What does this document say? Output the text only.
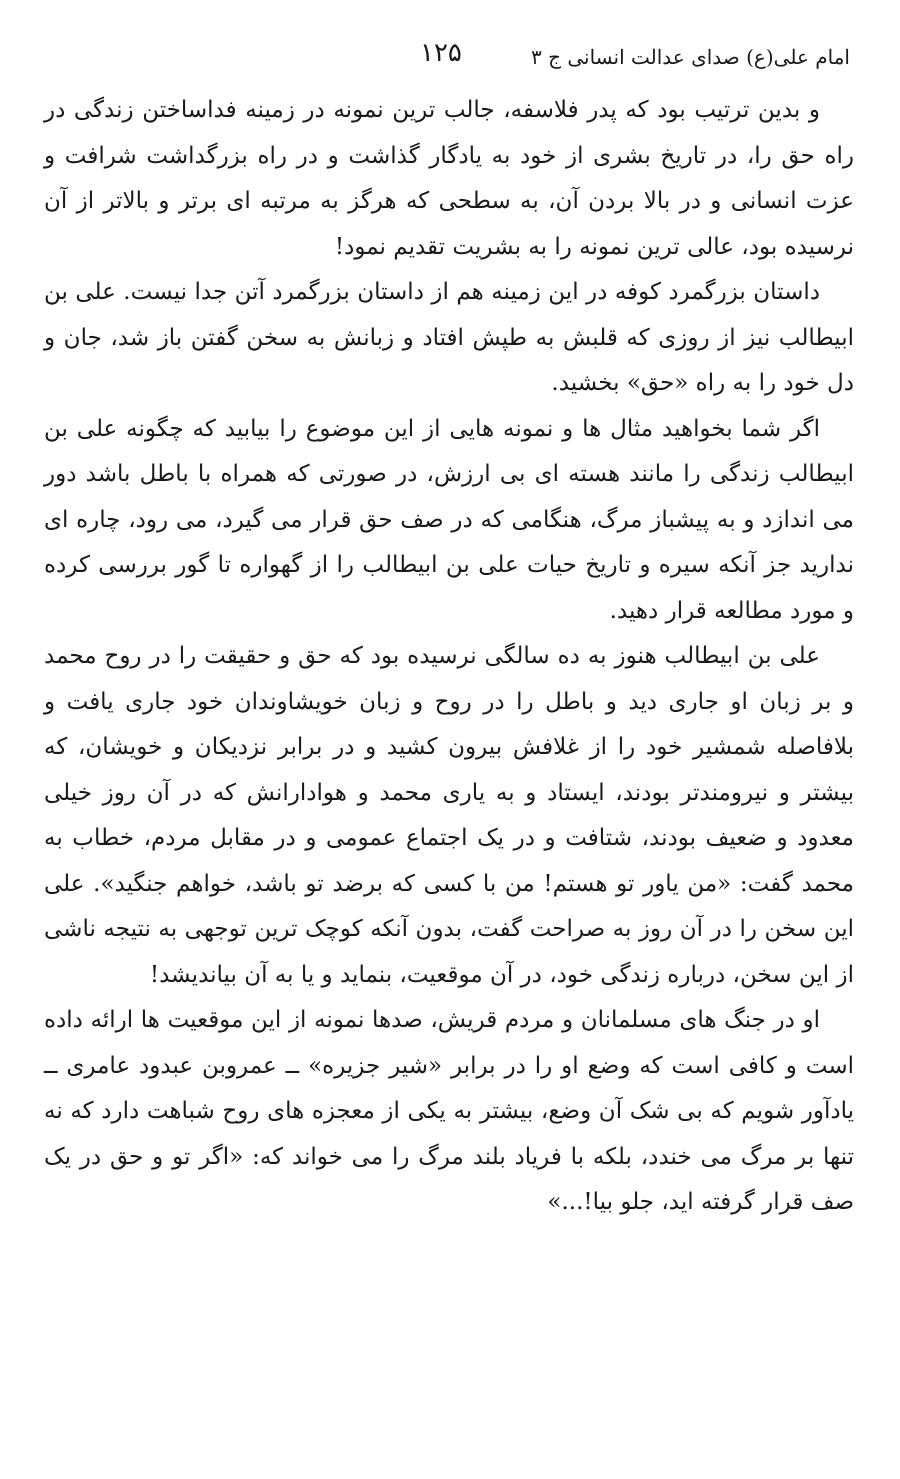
امام علی(ع) صدای عدالت انسانی ج ۳
۱۲۵

و بدین ترتیب بود که پدر فلاسفه، جالب ترین نمونه در زمینه فداساختن زندگی در راه حق را، در تاریخ بشری از خود به یادگار گذاشت و در راه بزرگداشت شرافت و عزت انسانی و در بالا بردن آن، به سطحی که هرگز به مرتبه ای برتر و بالاتر از آن نرسیده بود، عالی ترین نمونه را به بشریت تقدیم نمود!

داستان بزرگمرد کوفه در این زمینه هم از داستان بزرگمرد آتن جدا نیست. علی بن ابیطالب نیز از روزی که قلبش به طپش افتاد و زبانش به سخن گفتن باز شد، جان و دل خود را به راه «حق» بخشید.

اگر شما بخواهید مثال ها و نمونه هایی از این موضوع را بیابید که چگونه علی بن ابیطالب زندگی را مانند هسته ای بی ارزش، در صورتی که همراه با باطل باشد دور می اندازد و به پیشباز مرگ، هنگامی که در صف حق قرار می گیرد، می رود، چاره ای ندارید جز آنکه سیره و تاریخ حیات علی بن ابیطالب را از گهواره تا گور بررسی کرده و مورد مطالعه قرار دهید.

علی بن ابیطالب هنوز به ده سالگی نرسیده بود که حق و حقیقت را در روح محمد و بر زبان او جاری دید و باطل را در روح و زبان خویشاوندان خود جاری یافت و بلافاصله شمشیر خود را از غلافش بیرون کشید و در برابر نزدیکان و خویشان، که بیشتر و نیرومندتر بودند، ایستاد و به یاری محمد و هوادارانش که در آن روز خیلی معدود و ضعیف بودند، شتافت و در یک اجتماع عمومی و در مقابل مردم، خطاب به محمد گفت: «من یاور تو هستم! من با کسی که برضد تو باشد، خواهم جنگید». علی این سخن را در آن روز به صراحت گفت، بدون آنکه کوچک ترین توجهی به نتیجه ناشی از این سخن، درباره زندگی خود، در آن موقعیت، بنماید و یا به آن بیاندیشد!

او در جنگ های مسلمانان و مردم قریش، صدها نمونه از این موقعیت ها ارائه داده است و کافی است که وضع او را در برابر «شیر جزیره» ــ عمروبن عبدود عامری ــ یادآور شویم که بی شک آن وضع، بیشتر به یکی از معجزه های روح شباهت دارد که نه تنها بر مرگ می خندد، بلکه با فریاد بلند مرگ را می خواند که: «اگر تو و حق در یک صف قرار گرفته اید، جلو بیا!...»
